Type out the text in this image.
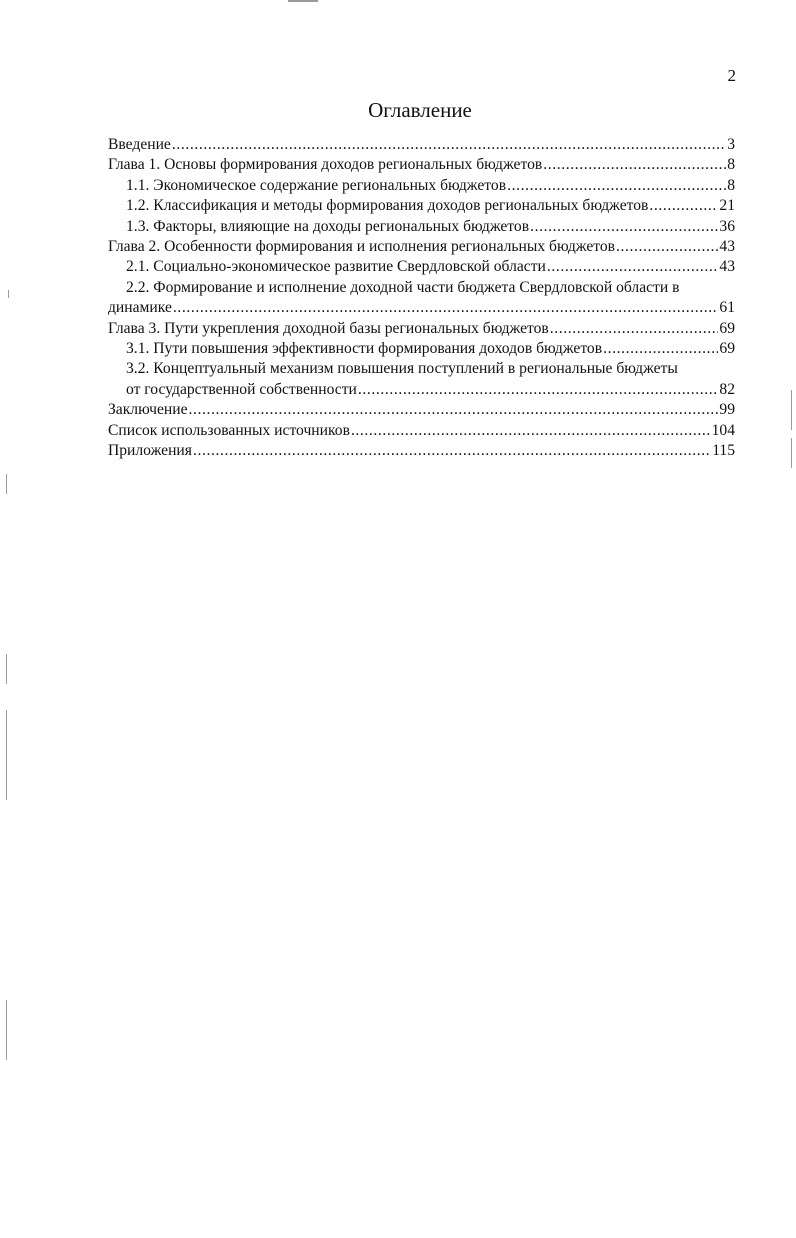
2
Оглавление
Введение .....	3
Глава 1. Основы формирования доходов региональных бюджетов .....	8
1.1. Экономическое содержание региональных бюджетов .....	8
1.2. Классификация и методы формирования доходов региональных бюджетов .....	21
1.3. Факторы, влияющие на доходы региональных бюджетов .....	36
Глава 2. Особенности формирования и исполнения региональных бюджетов .....	43
2.1. Социально-экономическое развитие Свердловской области .....	43
2.2. Формирование и исполнение доходной части бюджета Свердловской области в
динамике .....	61
Глава 3. Пути укрепления доходной базы региональных бюджетов .....	69
3.1. Пути повышения эффективности формирования доходов бюджетов .....	69
3.2. Концептуальный механизм повышения поступлений в региональные бюджеты
от государственной собственности .....	82
Заключение .....	99
Список использованных источников .....	104
Приложения .....	115
